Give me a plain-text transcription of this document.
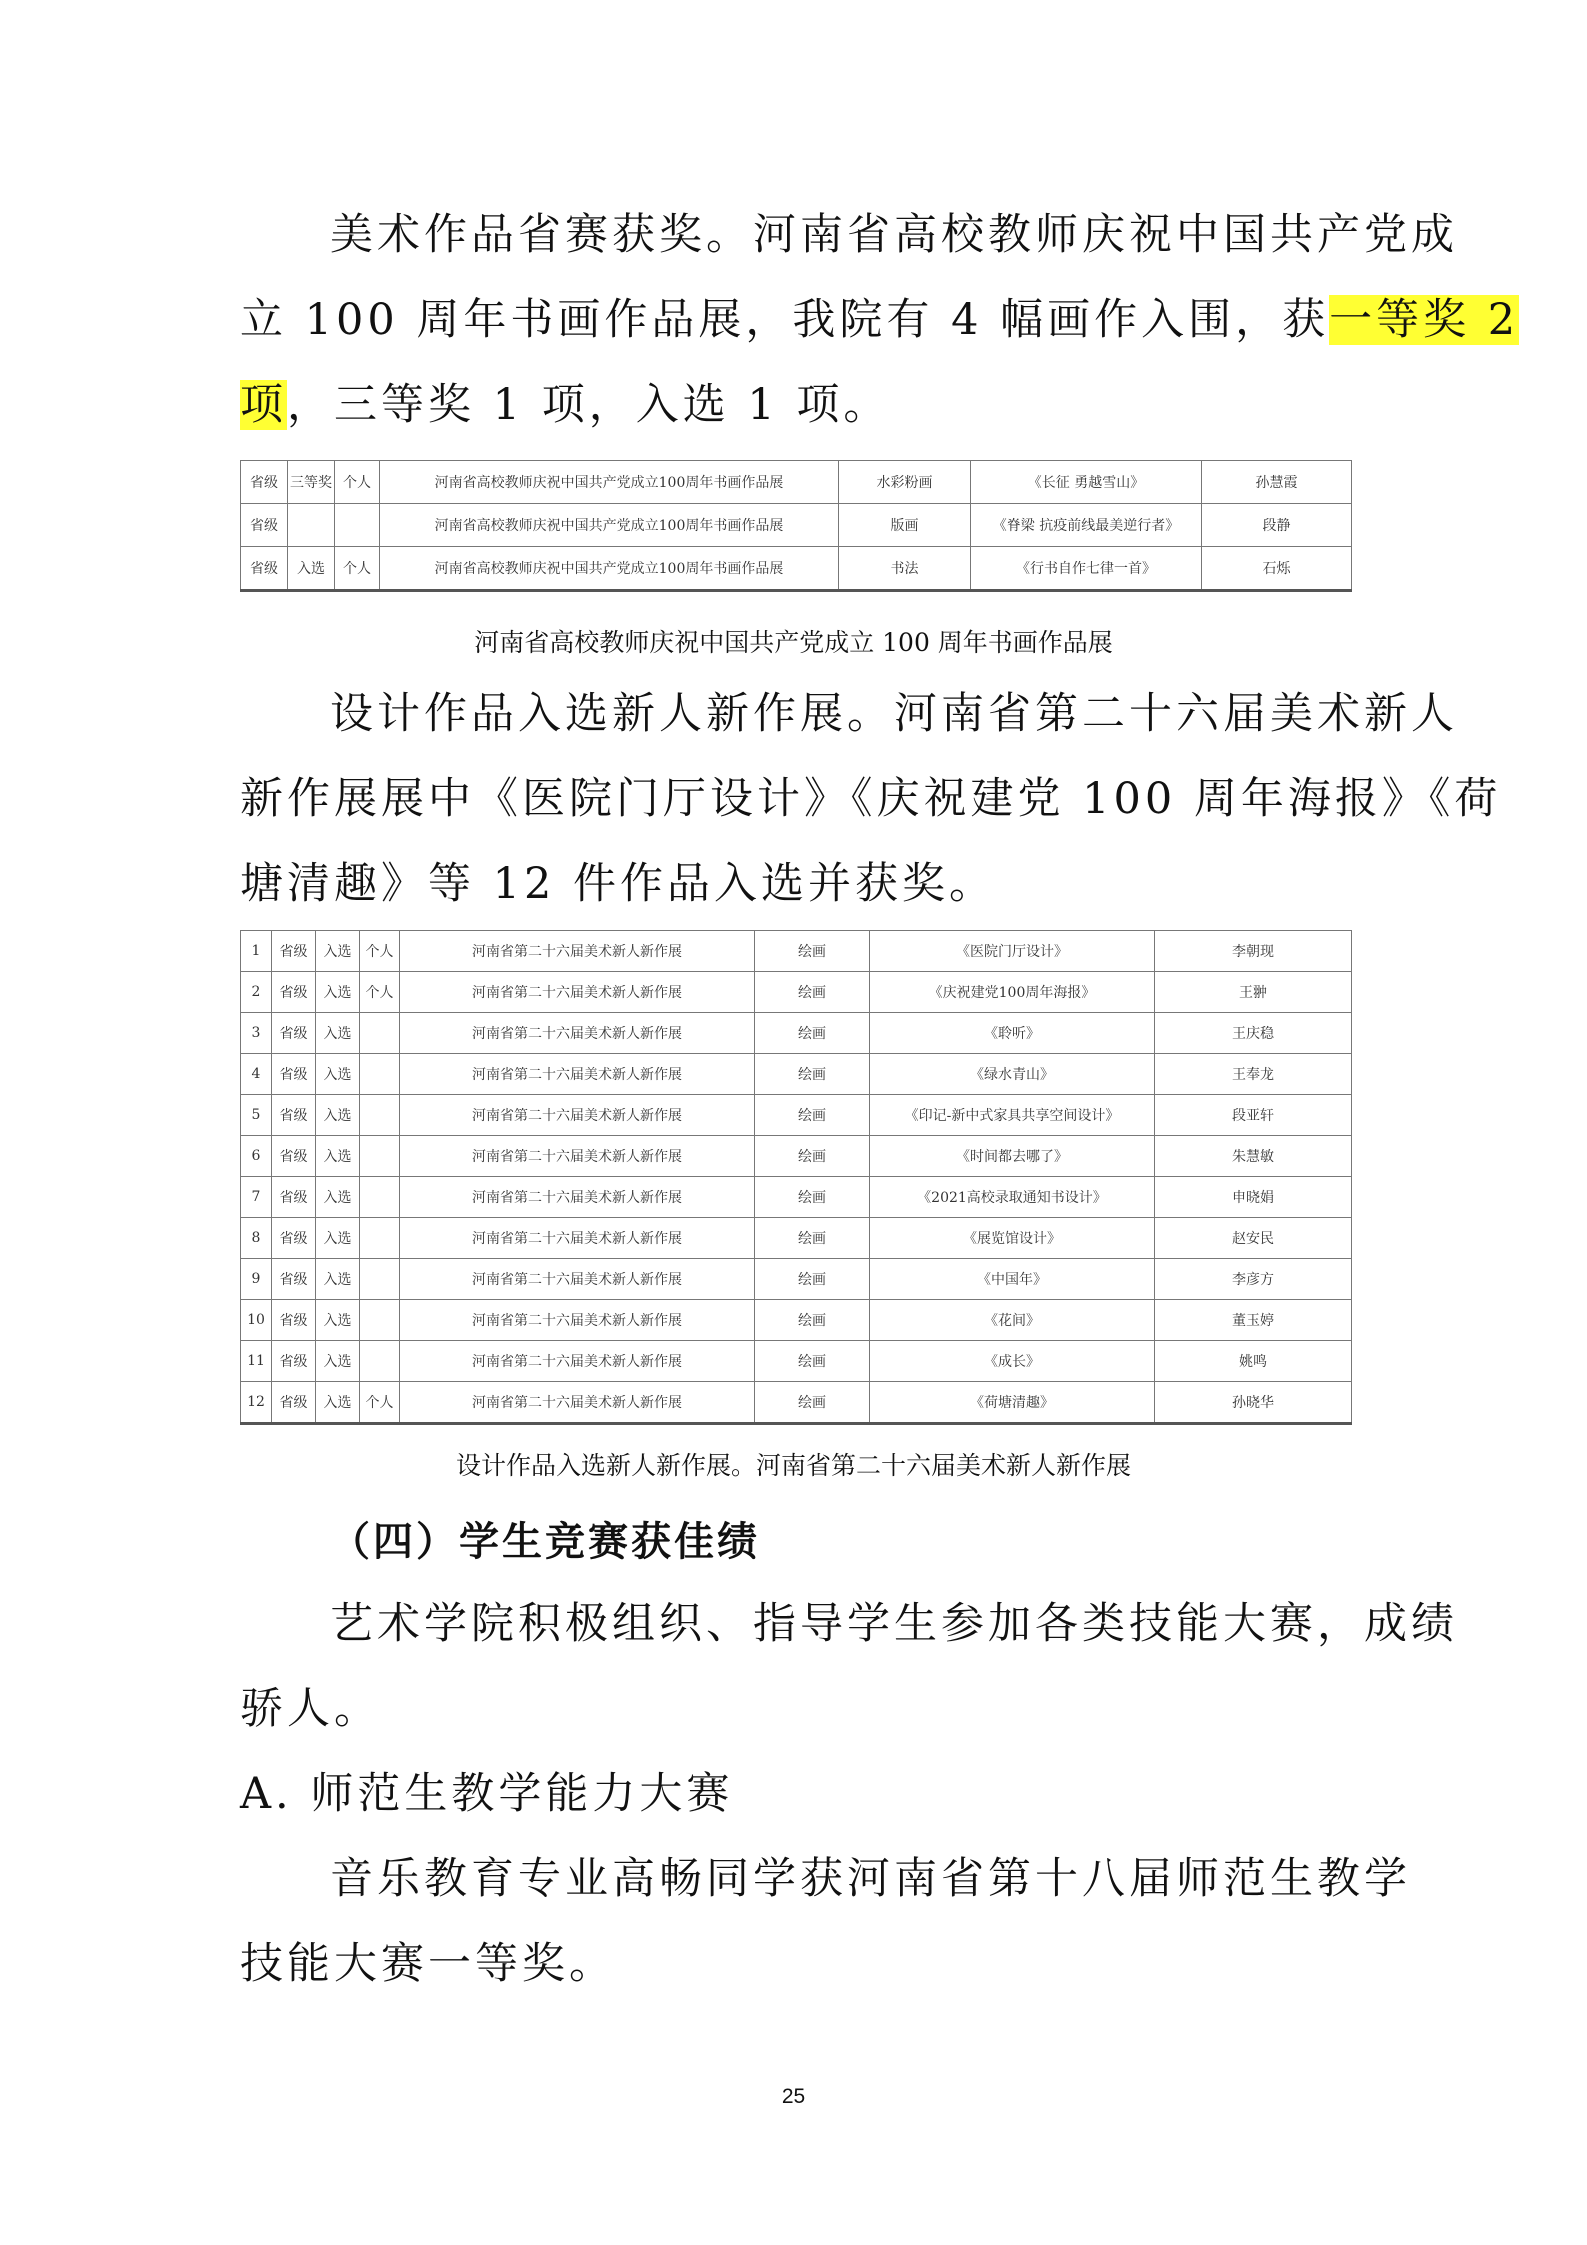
美术作品省赛获奖。河南省高校教师庆祝中国共产党成
立 100 周年书画作品展，我院有 4 幅画作入围，获一等奖 2
项，三等奖 1 项，入选 1 项。

省级	三等奖	个人	河南省高校教师庆祝中国共产党成立100周年书画作品展	水彩粉画	《长征 勇越雪山》	孙慧霞
省级			河南省高校教师庆祝中国共产党成立100周年书画作品展	版画	《脊梁 抗疫前线最美逆行者》	段静
省级	入选	个人	河南省高校教师庆祝中国共产党成立100周年书画作品展	书法	《行书自作七律一首》	石烁

河南省高校教师庆祝中国共产党成立 100 周年书画作品展

设计作品入选新人新作展。河南省第二十六届美术新人
新作展展中《医院门厅设计》《庆祝建党 100 周年海报》《荷
塘清趣》等 12 件作品入选并获奖。

1	省级	入选	个人	河南省第二十六届美术新人新作展	绘画	《医院门厅设计》	李朝现
2	省级	入选	个人	河南省第二十六届美术新人新作展	绘画	《庆祝建党100周年海报》	王翀
3	省级	入选		河南省第二十六届美术新人新作展	绘画	《聆听》	王庆稳
4	省级	入选		河南省第二十六届美术新人新作展	绘画	《绿水青山》	王奉龙
5	省级	入选		河南省第二十六届美术新人新作展	绘画	《印记-新中式家具共享空间设计》	段亚轩
6	省级	入选		河南省第二十六届美术新人新作展	绘画	《时间都去哪了》	朱慧敏
7	省级	入选		河南省第二十六届美术新人新作展	绘画	《2021高校录取通知书设计》	申晓娟
8	省级	入选		河南省第二十六届美术新人新作展	绘画	《展览馆设计》	赵安民
9	省级	入选		河南省第二十六届美术新人新作展	绘画	《中国年》	李彦方
10	省级	入选		河南省第二十六届美术新人新作展	绘画	《花间》	董玉婷
11	省级	入选		河南省第二十六届美术新人新作展	绘画	《成长》	姚鸣
12	省级	入选	个人	河南省第二十六届美术新人新作展	绘画	《荷塘清趣》	孙晓华

设计作品入选新人新作展。河南省第二十六届美术新人新作展

（四）学生竞赛获佳绩

艺术学院积极组织、指导学生参加各类技能大赛，成绩
骄人。

A. 师范生教学能力大赛

音乐教育专业高畅同学获河南省第十八届师范生教学
技能大赛一等奖。

25
